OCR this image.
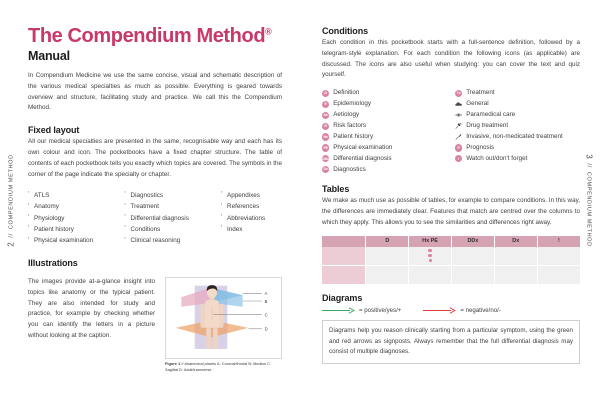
2
//
COMPENDIUM METHOD	3
//
COMPENDIUM METHOD
The Compendium Method®
Manual

In Compendium Medicine we use the same concise, visual and schematic description of the various medical specialties as much as possible. Everything is geared towards overview and structure, facilitating study and practice. We call this the Compendium Method.

Fixed layout

All our medical specialties are presented in the same, recognisable way and each has its own colour and icon. The pocketbooks have a fixed chapter structure. The table of contents of each pocketbook tells you exactly which topics are covered. The symbols in the corner of the page indicate the specialty or chapter.

▪ ATLS
▪ Anatomy
▪ Physiology
▪ Patient history
▪ Physical examination
▪ Diagnostics
▪ Treatment
▪ Differential diagnosis
▪ Conditions
▪ Clinical reasoning
▪ Appendixes
▪ References
▪ Abbreviations
▪ Index
Illustrations

The images provide at-a-glance insight into topics like anatomy or the typical patient. They are also intended for study and practice, for example by checking whether you can identify the letters in a picture without looking at the caption.

A
B
C
D
Figure 1 // Anatomical planes A: Coronal/frontal B: Median C: Sagittal D: Axial/transverse
Conditions

Each condition in this pocketbook starts with a full-sentence definition, followed by a telegram-style explanation. For each condition the following icons (as applicable) are discussed. The icons are also useful when studying: you can cover the text and quiz yourself.

D	Definition
E	Epidemiology
Ae Aetiology
R	Risk factors
Hx Patient history
PE Physical examination
DDx Differential diagnosis
Dx Diagnostics
Tx Treatment
General
Paramedical care
Drug treatment
Invasive, non-medicated treatment
P	Prognosis
!	Watch out/don't forget
Tables

We make as much use as possible of tables, for example to compare conditions. In this way, the differences are immediately clear. Features that match are centred over the columns to which they apply. This allows you to see the similarities and differences right away.

	D	Hx PE	DDx	Dx	!

Diagrams
= positive/yes/+	= negative/no/-

Diagrams help you reason clinically starting from a particular symptom, using the green and red arrows as signposts. Always remember that the full differential diagnosis may consist of multiple diagnoses.
